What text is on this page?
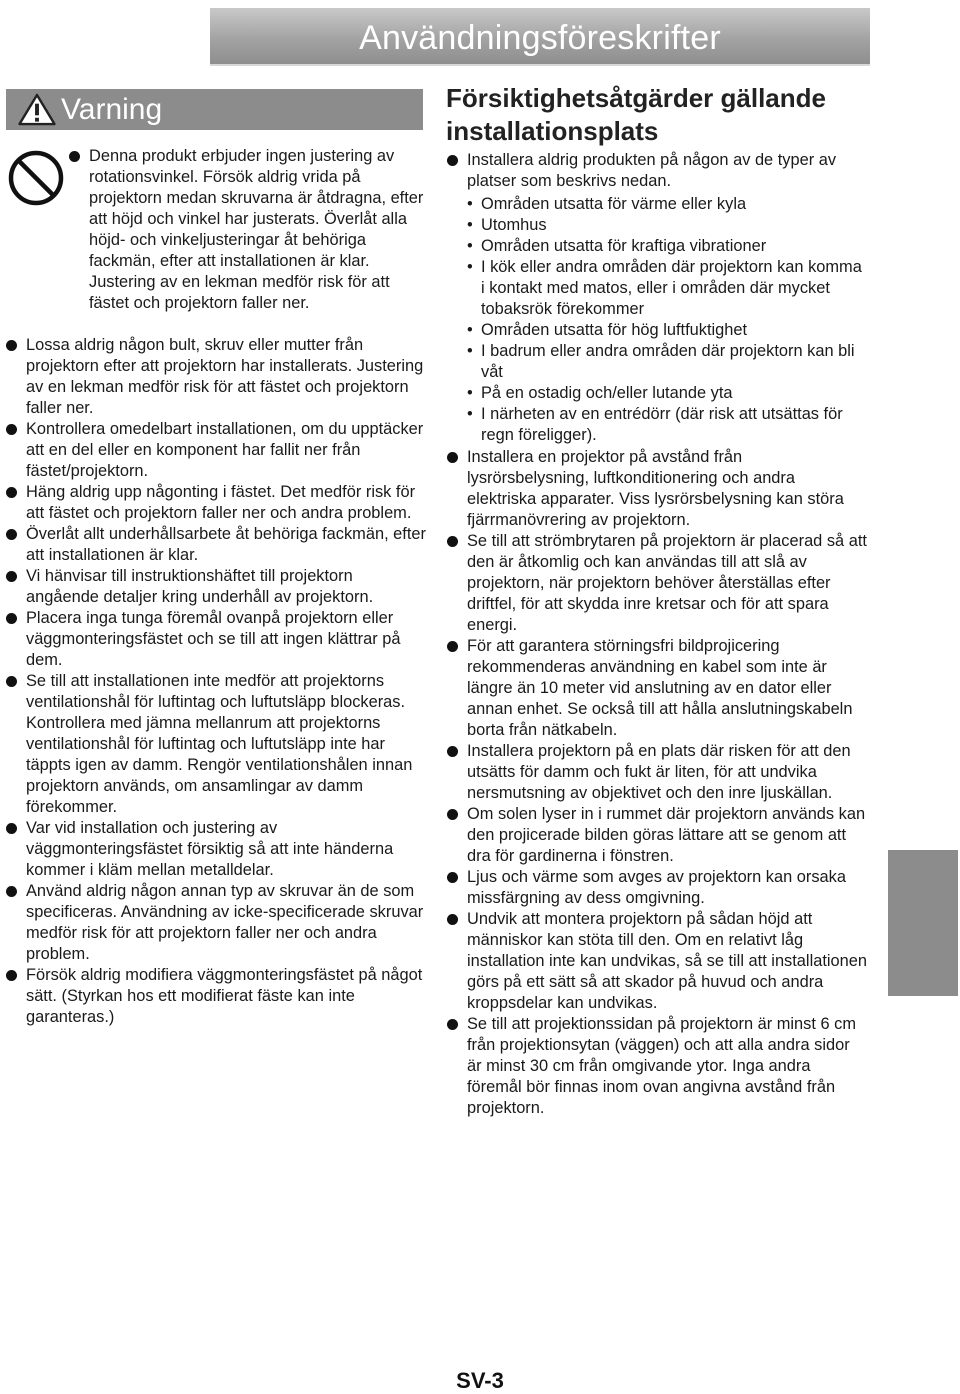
Användningsföreskrifter
Varning
Denna produkt erbjuder ingen justering av rotationsvinkel. Försök aldrig vrida på projektorn medan skruvarna är åtdragna, efter att höjd och vinkel har justerats. Överlåt alla höjd- och vinkeljusteringar åt behöriga fackmän, efter att installationen är klar. Justering av en lekman medför risk för att fästet och projektorn faller ner.
Lossa aldrig någon bult, skruv eller mutter från projektorn efter att projektorn har installerats. Justering av en lekman medför risk för att fästet och projektorn faller ner.
Kontrollera omedelbart installationen, om du upptäcker att en del eller en komponent har fallit ner från fästet/projektorn.
Häng aldrig upp någonting i fästet. Det medför risk för att fästet och projektorn faller ner och andra problem.
Överlåt allt underhållsarbete åt behöriga fackmän, efter att installationen är klar.
Vi hänvisar till instruktionshäftet till projektorn angående detaljer kring underhåll av projektorn.
Placera inga tunga föremål ovanpå projektorn eller väggmonteringsfästet och se till att ingen klättrar på dem.
Se till att installationen inte medför att projektorns ventilationshål för luftintag och luftutsläpp blockeras. Kontrollera med jämna mellanrum att projektorns ventilationshål för luftintag och luftutsläpp inte har täppts igen av damm. Rengör ventilationshålen innan projektorn används, om ansamlingar av damm förekommer.
Var vid installation och justering av väggmonteringsfästet försiktig så att inte händerna kommer i kläm mellan metalldelar.
Använd aldrig någon annan typ av skruvar än de som specificeras. Användning av icke-specificerade skruvar medför risk för att projektorn faller ner och andra problem.
Försök aldrig modifiera väggmonteringsfästet på något sätt. (Styrkan hos ett modifierat fäste kan inte garanteras.)
Försiktighetsåtgärder gällande installationsplats
Installera aldrig produkten på någon av de typer av platser som beskrivs nedan.
• Områden utsatta för värme eller kyla
• Utomhus
• Områden utsatta för kraftiga vibrationer
• I kök eller andra områden där projektorn kan komma i kontakt med matos, eller i områden där mycket tobaksrök förekommer
• Områden utsatta för hög luftfuktighet
• I badrum eller andra områden där projektorn kan bli våt
• På en ostadig och/eller lutande yta
• I närheten av en entrédörr (där risk att utsättas för regn föreligger).
Installera en projektor på avstånd från lysrörsbelysning, luftkonditionering och andra elektriska apparater. Viss lysrörsbelysning kan störa fjärrmanövrering av projektorn.
Se till att strömbrytaren på projektorn är placerad så att den är åtkomlig och kan användas till att slå av projektorn, när projektorn behöver återställas efter driftfel, för att skydda inre kretsar och för att spara energi.
För att garantera störningsfri bildprojicering rekommenderas användning en kabel som inte är längre än 10 meter vid anslutning av en dator eller annan enhet. Se också till att hålla anslutningskabeln borta från nätkabeln.
Installera projektorn på en plats där risken för att den utsätts för damm och fukt är liten, för att undvika nersmutsning av objektivet och den inre ljuskällan.
Om solen lyser in i rummet där projektorn används kan den projicerade bilden göras lättare att se genom att dra för gardinerna i fönstren.
Ljus och värme som avges av projektorn kan orsaka missfärgning av dess omgivning.
Undvik att montera projektorn på sådan höjd att människor kan stöta till den. Om en relativt låg installation inte kan undvikas, så se till att installationen görs på ett sätt så att skador på huvud och andra kroppsdelar kan undvikas.
Se till att projektionssidan på projektorn är minst 6 cm från projektionsytan (väggen) och att alla andra sidor är minst 30 cm från omgivande ytor. Inga andra föremål bör finnas inom ovan angivna avstånd från projektorn.
SV-3
